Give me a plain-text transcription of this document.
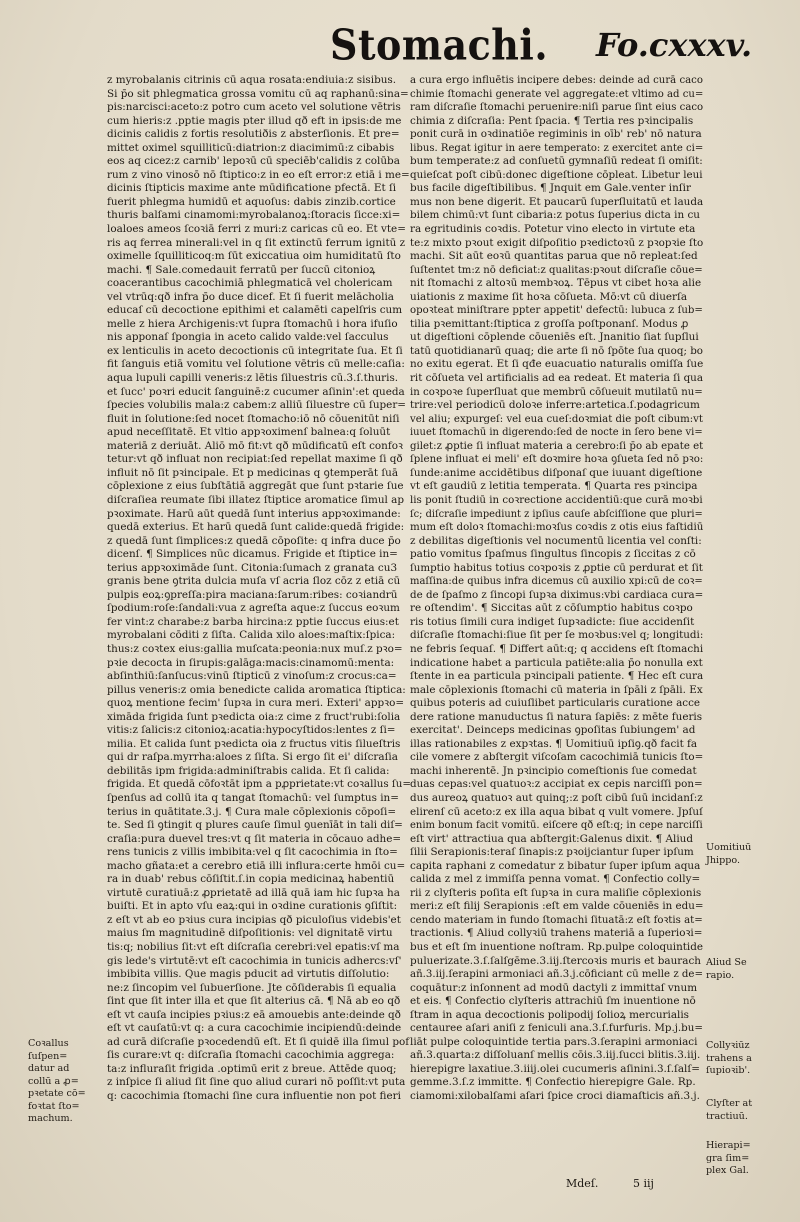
Stomachi. Fo.cxxxv.
Coꝛallus
ſuſpen=
datur ad
collū a ꝓ=
pꝛetate cō=
foꝛtat ſto=
machum.
z myrobalanis citrinis cū aqua rosata:endiuia:z sisibus.
Si p̄o sit phlegmatica grossa vomitu cū aq raphanū:sina=
pis:narcisci:aceto:z potro cum aceto vel solutione vētris
cum hieris:z .pptie magis pter illud qð eft in ipsis:de me
dicinis calidis z fortis resolutiðis z absterſionis. Et pre=
mittet oximel squilliticū:diatrion:z diacimimū:z cibabis
eos aq cicez:z carnib' lepoꝛū cū speciēb'calidis z colūba
rum z vino vinosō nō ſtiptico:z in eo eſt error:z etiā i me=
dicinis ſtipticis maxime ante mūdificatione pfectā. Et ſi
fuerit phlegma humidū et aquoſus: dabis zinzib.cortice
thuris balſami cinamomi:myrobalanoꝝ:ſtoracis ſicce:xi=
loaloes ameos ſcoꝛiā ferri z muri:z caricas cū eo. Et vte=
ris aq ferrea minerali:vel in q ſit extinctū ferrum ignitū z
oximelle ſquilliticoq:m ſūt exiccatiua oim humiditatū ſto
machi. ¶ Sale.comedauit ferratū per ſuccū citonioꝝ
coacerantibus cacochimiā phlegmaticā vel cholericam
vel vtrūq:qð infra p̄o duce dicef. Et ſi fuerit melācholia
educaſ cū decoctione epithimi et calamēti capelſris cum
melle z hiera Archigenis:vt ſupra ſtomachū i hora ifuſio
nis apponaſ ſpongia in aceto calido valde:vel ſacculus
ex lenticulis in aceto decoctionis cū integritate ſua. Et ſi
fit ſanguis etiā vomitu vel ſolutione vētris cū melle:caſia:
aqua lupuli capilli veneris:z lētis ſiluestris cū.3.ſ.thuris.
et ſucc' poꝛri educit ſanguinē:z cucumer aſinin':et queda
ſpecies volubilis mala:z cabem:z alliū ſiluestre cū ſuper=
fluit in ſolutione:ſed nocet ſtomacho:iō nō cōuenitūt niſi
apud neceſſitatē. Et vltio appꝛoximenſ balnea:q ſoluūt
materiā z deriuāt. Aliō mō fit:vt qð mūdificatū eſt confoꝛ
tetur:vt qð influat non recipiat:ſed repellat maxime ſi qð
influit nō ſit pꝛincipale. Et p medicinas q ꝯtemperāt ſuā
cōplexione z eius ſubſtātiā aggregāt que ſunt pꝛtarie ſue
diſcraſiea reumate ſibi illatez ſtiptice aromatice ſimul ap
pꝛoximate. Harū aūt quedā ſunt interius appꝛoximande:
quedā exterius. Et harū quedā ſunt calide:quedā frigide:
z quedā ſunt ſimplices:z quedā cōpoſite: q infra duce p̄o
dicenſ. ¶ Simplices nūc dicamus. Frigide et ſtiptice in=
terius appꝛoximāde ſunt. Citonia:ſumach z granata cu3
granis bene ꝯtrita dulcia muſa vſ acria ſloz cōz z etiā cū
pulpis eoꝝ:ꝯpreſſa:pira maciana:ſarum:ribes: coꝛiandrū
ſpodium:roſe:ſandali:vua z agreſta aque:z ſuccus eoꝛum
fer vint:z charabe:z barba hircina:z pptie ſuccus eius:et
myrobalani cōditi z ſiſta. Calida xilo aloes:maſtix:ſpica:
thus:z coꝛtex eius:gallia muſcata:peonia:nux muſ.z pꝛo=
pꝛie decocta in ſirupis:galāga:macis:cinamomū:menta:
abſinthiū:ſanſucus:vinū ſtipticū z vinoſum:z crocus:ca=
pillus veneris:z omia benedicte calida aromatica ſtiptica:
quoꝝ mentione fecim' ſupꝛa in cura meri. Exteri' appꝛo=
ximāda frigida ſunt pꝛedicta oia:z cime z fruct'rubi:ſolia
vitis:z ſalicis:z citonioꝝ:acatia:hypocyſtidos:lentes z ſi=
milia. Et calida ſunt pꝛedicta oia z fructus vitis ſilueſtris
qui dr raſpa.myrrha:aloes z ſiſta. Si ergo ſit ei' diſcraſia
debilitās ipm frigida:adminiſtrabis calida. Et ſi calida:
frigida. Et quedā cōfoꝛtāt ipm a pꝓprietate:vt coꝛallus ſu=
ſpenſus ad collū ita q tangat ſtomachū: vel ſumptus in=
terius in quātitate.3.j. ¶ Cura male cōplexionis cōpoſi=
te. Sed ſi ꝯtingit q plures cauſe ſimul ꝯuenīāt in tali diſ=
craſia:pura duevel tres:vt q ſit materia in cōcauo adhe=
rens tunicis z villis imbibita:vel q ſit cacochimia in ſto=
macho gñata:et a cerebro etiā illi influra:certe hmōi cu=
ra in duab' rebus cōſiſtit.ſ.in copia medicinaꝝ habentiū
virtutē curatiuā:z ꝓprietatē ad illā quā iam hic ſupꝛa ha
buiſti. Et in apto vſu eaꝝ:qui in oꝛdine curationis ꝯſiſtit:
z eſt vt ab eo pꝛius cura incipias qð piculoſius videbis'et
maius ſm magnitudinē diſpoſitionis: vel dignitatē virtu
tis:q; nobilius ſit:vt eſt diſcraſia cerebri:vel epatis:vſ ma
gis lede's virtutē:vt eſt cacochimia in tunicis adhercs:vſ'
imbibita villis. Que magis pducit ad virtutis diſſolutio:
ne:z ſincopim vel ſubuerſione. Jte cōſiderabis ſi equalia
ſint que ſit inter illa et que ſit alterius cā. ¶ Nā ab eo qð
eſt vt cauſa incipies pꝛius:z eā amouebis ante:deinde qð
eſt vt cauſatū:vt q: a cura cacochimie incipiendū:deinde
ad curā diſcraſie pꝛocedendū eſt. Et ſi quidē illa ſimul pof
ſis curare:vt q: diſcraſia ſtomachi cacochimia aggrega:
ta:z influraſit frigida .optimū erit z breue. Attēde quoq;
z inſpice ſi aliud ſit ſine quo aliud curari nō poſſit:vt puta
q: cacochimia ſtomachi ſine cura influentie non pot fieri
a cura ergo influētis incipere debes: deinde ad curā caco
chimie ſtomachi generate vel aggregate:et vltimo ad cu=
ram diſcraſie ſtomachi peruenire:niſi parue ſint eius caco
chimia z diſcraſia: Pent ſpacia. ¶ Tertia res pꝛincipalis
ponit curā in oꝛdinatiōe regiminis in oīb' reb' nō natura
libus. Regat igitur in aere temperato: z exercitet ante ci=
bum temperate:z ad conſuetū gymnaſiū redeat ſi omiſit:
quieſcat poſt cibū:donec digeſtione cōpleat. Libetur leui
bus facile digeſtibilibus. ¶ Jnquit em Gale.venter inſir
mus non bene digerit. Et paucarū ſuperſluitatū et lauda
bilem chimū:vt ſunt cibaria:z potus ſuperius dicta in cu
ra egritudinis coꝛdis. Potetur vino electo in virtute eta
te:z mixto pꝛout exigit diſpoſitio pꝛedictoꝛū z pꝛopꝛie ſto
machi. Sit aūt eoꝛū quantitas parua que nō repleat:ſed
ſuſtentet tm:z nō deficiat:z qualitas:pꝛout diſcraſie cōue=
nit ſtomachi z altoꝛū membꝛoꝝ. Tēpus vt cibet hoꝛa alie
uiationis z maxime ſit hoꝛa cōſueta. Mō:vt cū diuerſa
opoꝛteat miniſtrare ppter appetit' defectū: lubuca z ſub=
tilia pꝛemittant:ſtiptica z groſſa poſtponanſ. Modus ꝓ
ut digeſtioni cōplende cōueniēs eſt. Jnanitio ſiat ſupſlui
tatū quotidianarū quaq; die arte ſi nō ſpōte ſua quoq; bo
no exitu egerat. Et ſi qđe euacuatio naturalis omiſſa ſue
rit cōſueta vel artificialis ad ea redeat. Et materia ſi qua
in coꝛpoꝛe ſuperſluat que membrū cōſueuit mutilatū nu=
trire:vel periodicū doloꝛe inferre:artetica.ſ.podagricum
vel aliu; expurgeſ: vel eua cueſ:doꝛmiat die poſt cibum:vt
iuuet ſtomachū in digerendo:ſed de nocte in ſero bene vi=
gilet:z ꝓptie ſi influat materia a cerebro:ſi p̄o ab epate et
ſplene influat ei meli' eſt doꝛmire hoꝛa ꝯſueta ſed nō pꝛo:
ſunde:anime accidētibus diſponaſ que iuuant digeſtione
vt eſt gaudiū z letitia temperata. ¶ Quarta res pꝛincipa
lis ponit ſtudiū in coꝛrectione accidentiū:que curā moꝛbi
ſc; diſcraſie impediunt z ipſius cauſe abſciſſione que pluri=
mum eſt doloꝛ ſtomachi:moꝛſus coꝛdis z otis eius faſtidiū
z debilitas digeſtionis vel nocumentū licentia vel conſti:
patio vomitus ſpaſmus ſingultus ſincopis z ſiccitas z cō
ſumptio habitus totius coꝛpoꝛis z ꝓptie cū perdurat et ſit
maſſina:de quibus infra dicemus cū auxilio xpi:cū de coꝛ=
de de ſpaſmo z ſincopi ſupꝛa diximus:vbi cardiaca cura=
re oſtendim'. ¶ Siccitas aūt z cōſumptio habitus coꝛpo
ris totius ſimili cura indiget ſupꝛadicte: ſiue accidenſit
diſcraſie ſtomachi:ſiue ſit per ſe moꝛbus:vel q; longitudi:
ne febris ſequaſ. ¶ Differt aūt:q; q accidens eſt ſtomachi
indicatione habet a particula patiēte:alia p̄o nonulla ext
ſtente in ea particula pꝛincipali patiente. ¶ Hec eſt cura
male cōplexionis ſtomachi cū materia in ſpāli z ſpāli. Ex
quibus poteris ad cuiuſlibet particularis curatione acce
dere ratione manuductus ſi natura ſapiēs: z mēte fueris
exercitat'. Deinceps medicinas ꝯpoſitas ſubiungem' ad
illas rationabiles z expꝛtas. ¶ Uomitiuū ipſiꝯ.qð facit fa
cile vomere z abſtergit viſcoſam cacochimiā tunicis ſto=
machi inherentē. Jn pꝛincipio comeſtionis ſue comedat
duas cepas:vel quatuoꝛ:z accipiat ex cepis narciſſi pon=
dus aureoꝝ quatuoꝛ aut quinq;:z poſt cibū ſuū incidanſ:z
elirenſ cū aceto:z ex illa aqua bibat q vult vomere. Jpſuſ
enim bonum facit vomitū. eiſcere qð eſt:q; in cepe narciſſi
eſt virt' attractiua qua abſtergit:Galenus dixit. ¶ Aliud
ſilii Serapionis:teraſ ſinapis:z pꝛoijciantur ſuper ipſum
capita raphani z comedatur z bibatur ſuper ipſum aqua
calida z mel z immiſſa penna vomat. ¶ Confectio colly=
rii z clyſteris poſita eſt ſupꝛa in cura maliſie cōplexionis
meri:z eſt filij Serapionis :eſt em valde cōueniēs in edu=
cendo materiam in fundo ſtomachi ſituatā:z eſt foꝛtis at=
tractionis. ¶ Aliud collyꝛiū trahens materiā a ſuperioꝛi=
bus et eſt ſm inuentione noſtram. Rp.pulpe coloquintide
puluerizate.3.ſ.ſalſgēme.3.iij.ſtercoꝛis muris et baurach
añ.3.iij.ſerapini armoniaci añ.3.j.cōficiant cū melle z de=
coquātur:z inſonnent ad modū dactyli z immittaſ vnum
et eis. ¶ Confectio clyſteris attrachiū ſm inuentione nō
ſtram in aqua decoctionis polipodij ſolioꝝ mercurialis
centauree aſari aniſi z feniculi ana.3.ſ.furfuris. Mp.j.bu=
liāt pulpe coloquintide tertia pars.3.ſerapini armoniaci
añ.3.quarta:z diſſoluanſ mellis cōis.3.iij.ſucci blitis.3.iij.
hierepigre laxatiue.3.iiij.olei cucumeris aſinini.3.ſ.ſalſ=
gemme.3.ſ.z immitte. ¶ Confectio hierepigre Gale. Rp.
ciamomi:xilobalſami aſari ſpice croci diamaſticis añ.3.j.
Uomitiuū
Jhippo.
Aliud Se
rapio.
Collyꝛiūz
trahens a
ſupioꝛib'.
Clyſter at
tractiuū.
Hierapi=
gra ſim=
plex Gal.
Mdeſ.	5 iij
